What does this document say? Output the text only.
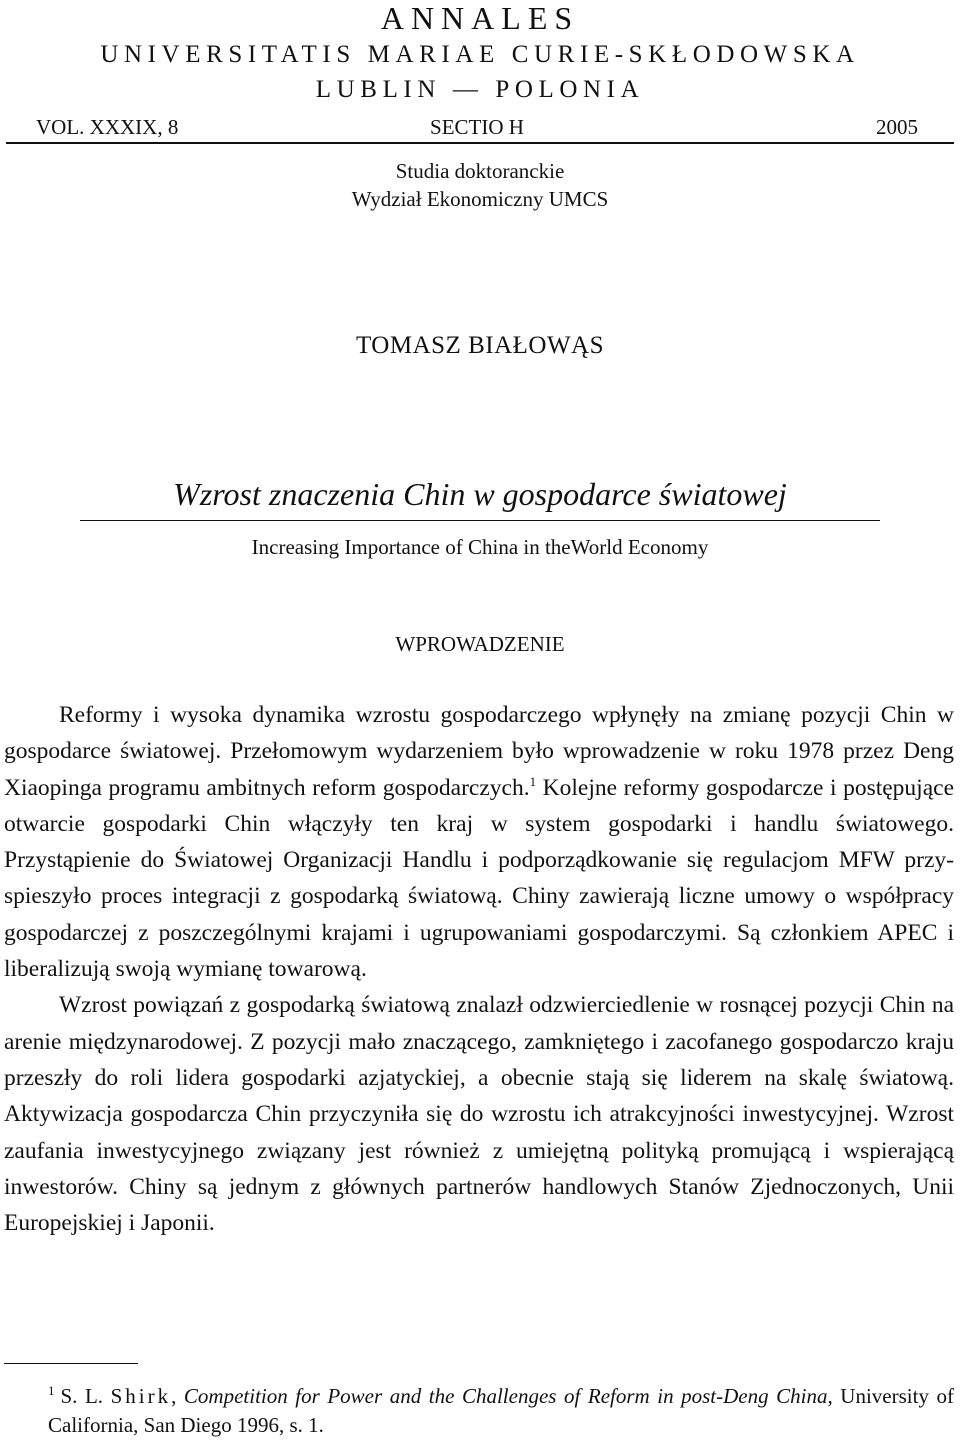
ANNALES
UNIVERSITATIS MARIAE CURIE-SKŁODOWSKA
LUBLIN — POLONIA
VOL. XXXIX, 8	SECTIO H	2005
Studia doktoranckie
Wydział Ekonomiczny UMCS
TOMASZ BIAŁOWĄS
Wzrost znaczenia Chin w gospodarce światowej
Increasing Importance of China in theWorld Economy
WPROWADZENIE

Reformy i wysoka dynamika wzrostu gospodarczego wpłynęły na zmianę pozycji Chin w gospodarce światowej. Przełomowym wydarzeniem było wprowadzenie w roku 1978 przez Deng Xiaopinga programu ambitnych reform gospodarczych.$^1$ Kolejne reformy gospodarcze i postępujące otwarcie gospodarki Chin włączyły ten kraj w system gospodarki i handlu światowego. Przystąpienie do Światowej Organizacji Handlu i podporządkowanie się regulacjom MFW przyspieszyło proces integracji z gospodarką światową. Chiny zawierają liczne umowy o współpracy gospodarczej z poszczególnymi krajami i ugrupowaniami gospodarczymi. Są członkiem APEC i liberalizują swoją wymianę towarową.

Wzrost powiązań z gospodarką światową znalazł odzwierciedlenie w rosnącej pozycji Chin na arenie międzynarodowej. Z pozycji mało znaczącego, zamkniętego i zacofanego gospodarczo kraju przeszły do roli lidera gospodarki azjatyckiej, a obecnie stają się liderem na skalę światową. Aktywizacja gospodarcza Chin przyczyniła się do wzrostu ich atrakcyjności inwestycyjnej. Wzrost zaufania inwestycyjnego związany jest również z umiejętną polityką promującą i wspierającą inwestorów. Chiny są jednym z głównych partnerów handlowych Stanów Zjednoczonych, Unii Europejskiej i Japonii.

$^1$ S. L. Shirk, Competition for Power and the Challenges of Reform in post-Deng China, University of California, San Diego 1996, s. 1.
